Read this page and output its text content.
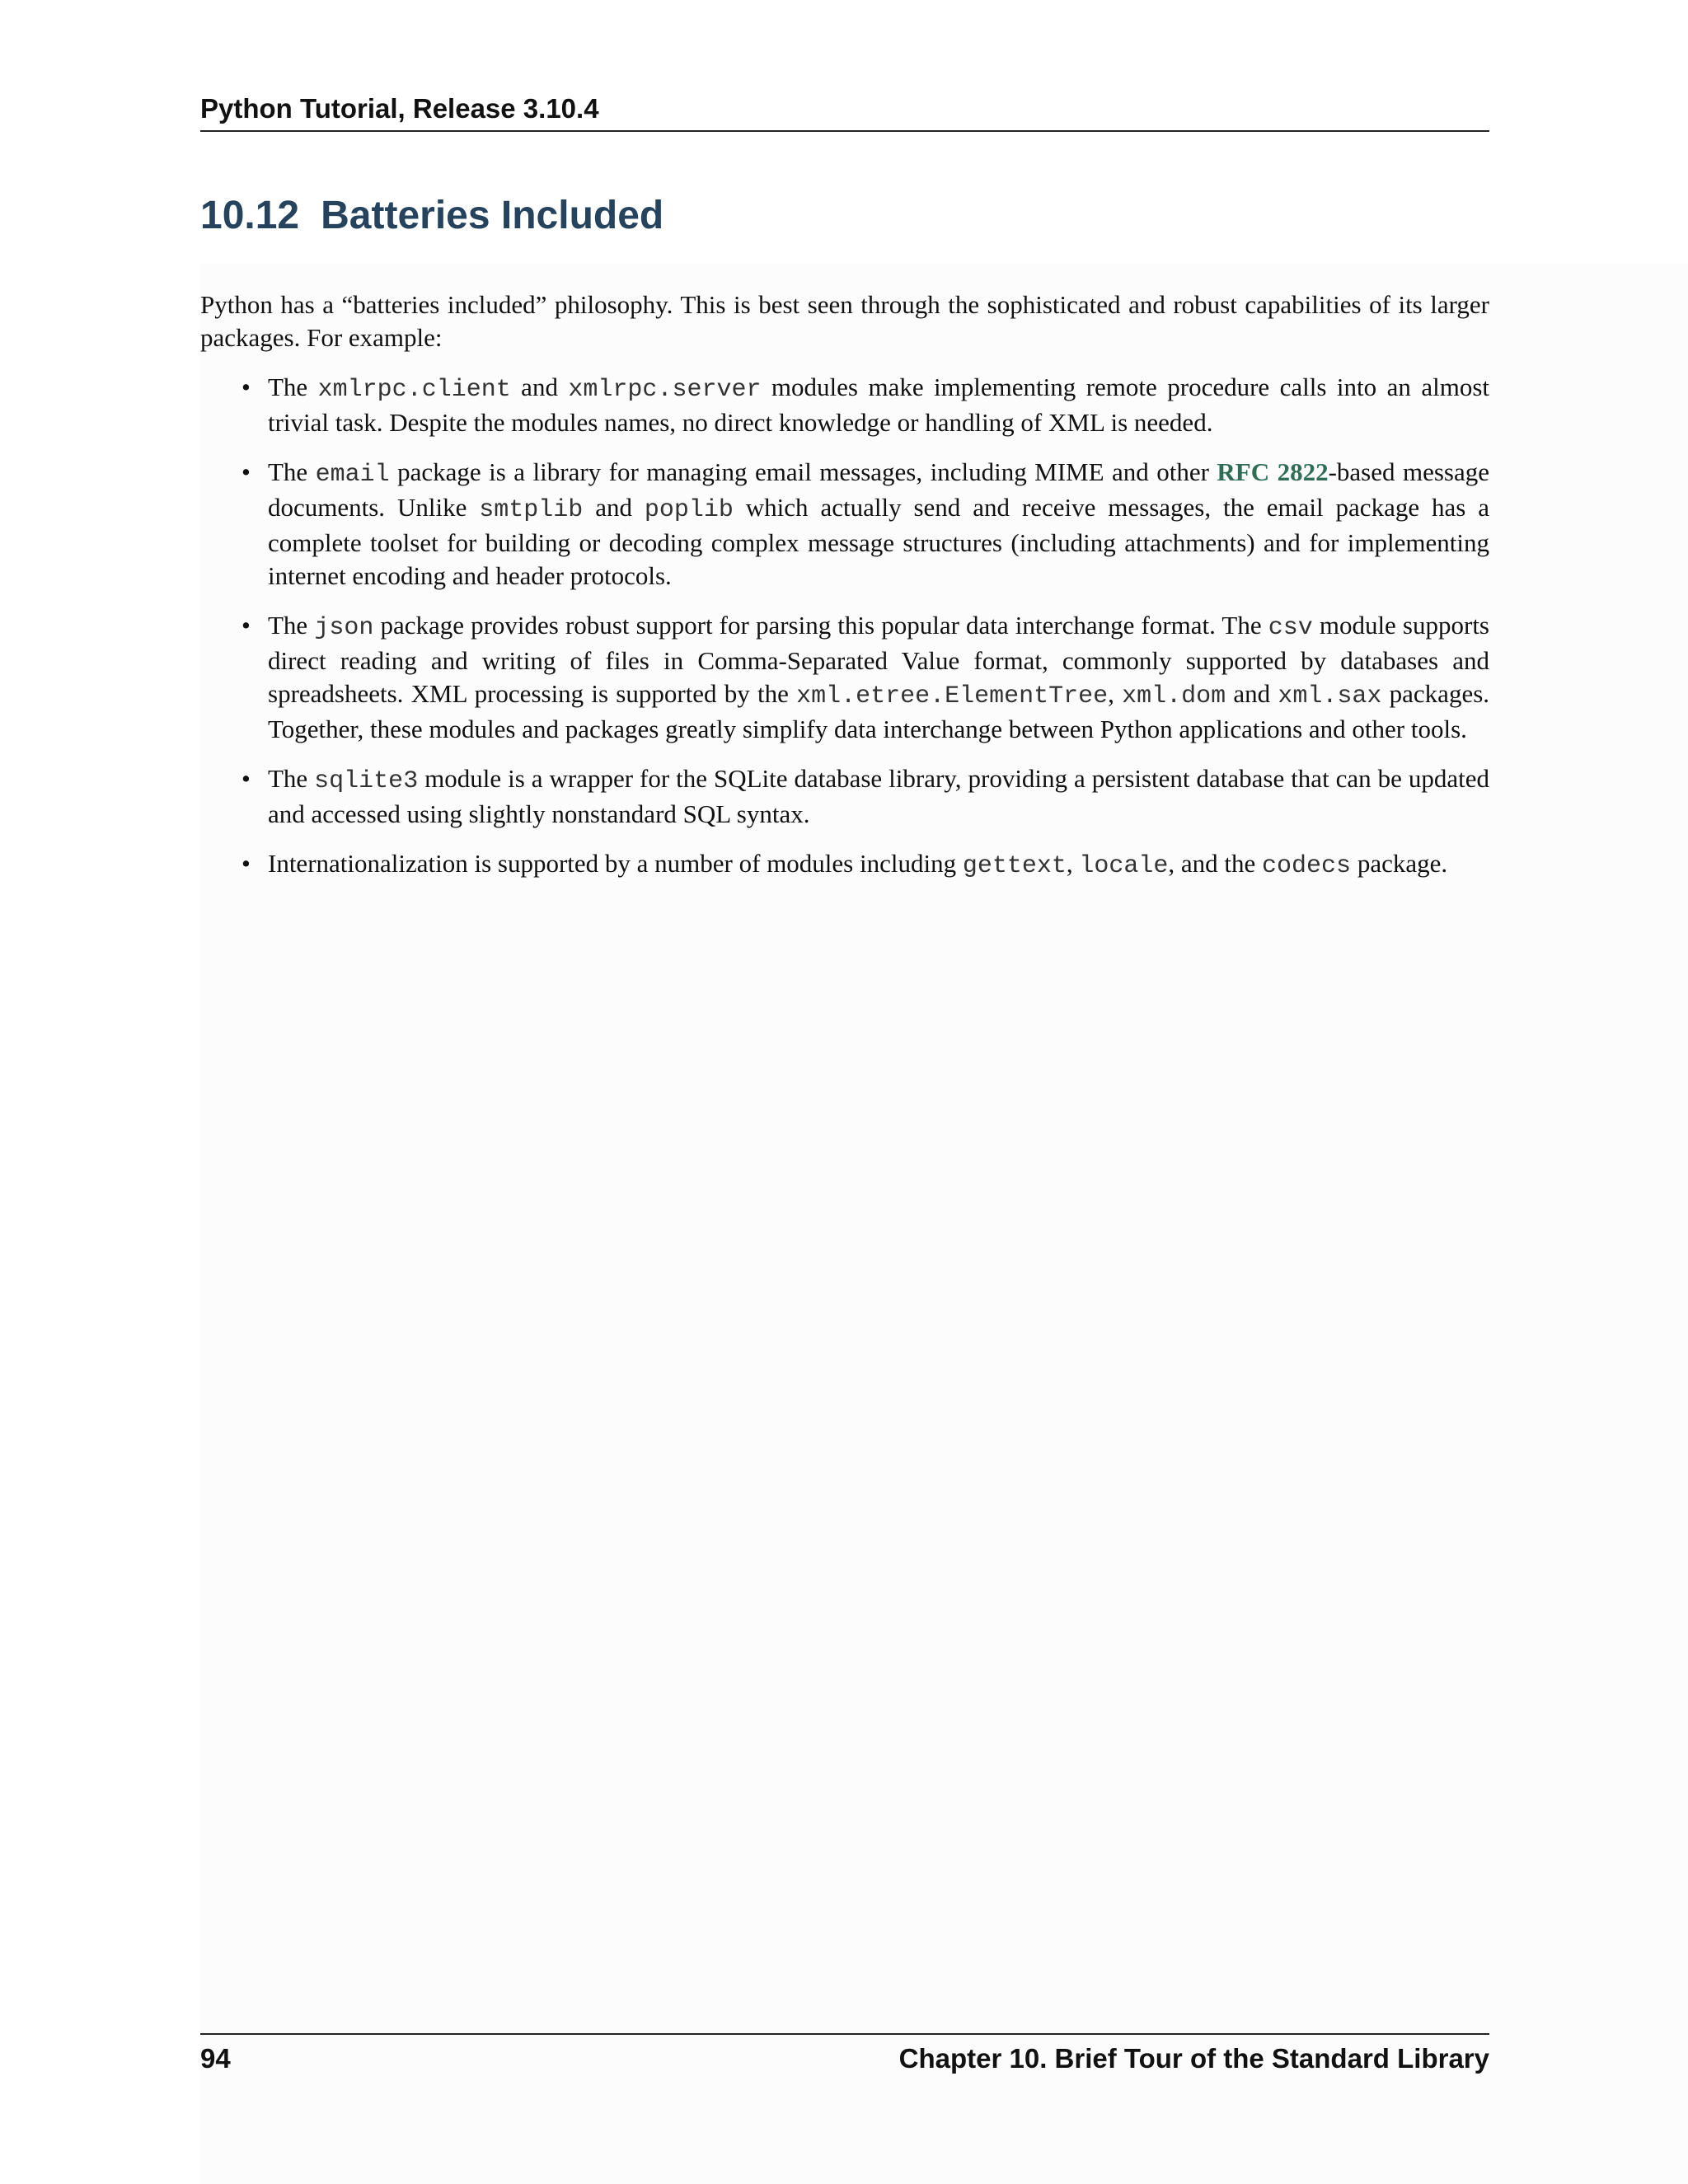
Python Tutorial, Release 3.10.4
10.12 Batteries Included

Python has a “batteries included” philosophy. This is best seen through the sophisticated and robust capabilities of its larger packages. For example:

• The xmlrpc.client and xmlrpc.server modules make implementing remote procedure calls into an almost trivial task. Despite the modules names, no direct knowledge or handling of XML is needed.
• The email package is a library for managing email messages, including MIME and other RFC 2822-based message documents. Unlike smtplib and poplib which actually send and receive messages, the email package has a complete toolset for building or decoding complex message structures (including attachments) and for implementing internet encoding and header protocols.
• The json package provides robust support for parsing this popular data interchange format. The csv module supports direct reading and writing of files in Comma-Separated Value format, commonly supported by databases and spreadsheets. XML processing is supported by the xml.etree.ElementTree, xml.dom and xml.sax packages. Together, these modules and packages greatly simplify data interchange between Python applications and other tools.
• The sqlite3 module is a wrapper for the SQLite database library, providing a persistent database that can be updated and accessed using slightly nonstandard SQL syntax.
• Internationalization is supported by a number of modules including gettext, locale, and the codecs package.
94	Chapter 10. Brief Tour of the Standard Library
